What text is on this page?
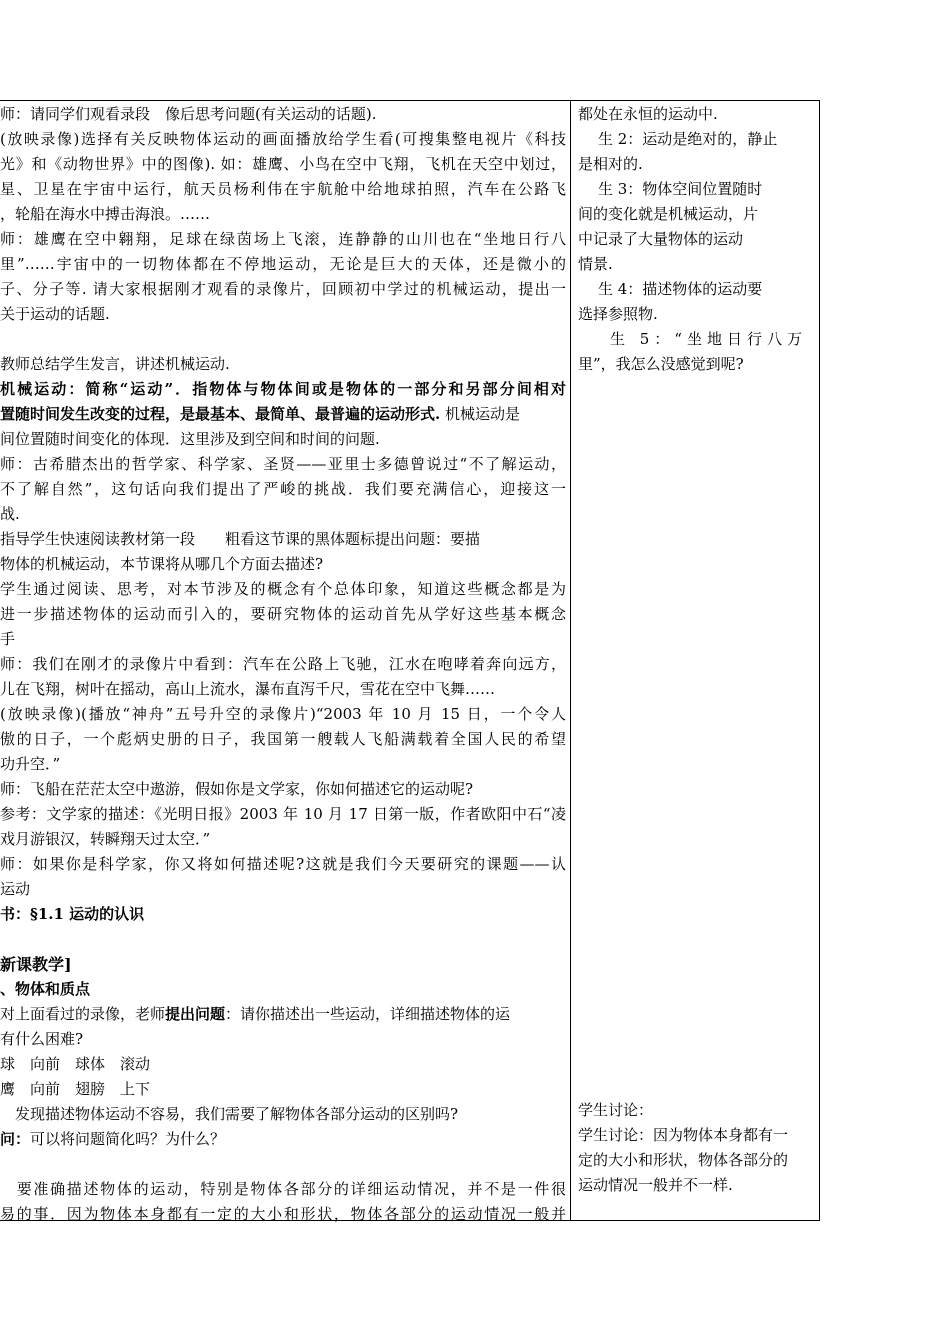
师：请同学们观看录段　像后思考问题(有关运动的话题).
(放映录像)选择有关反映物体运动的画面播放给学生看(可搜集整电视片《科技
光》和《动物世界》中的图像). 如：雄鹰、小鸟在空中飞翔，飞机在天空中划过，
星、卫星在宇宙中运行，航天员杨利伟在宇航舱中给地球拍照，汽车在公路飞
，轮船在海水中搏击海浪。……
师：雄鹰在空中翱翔，足球在绿茵场上飞滚，连静静的山川也在“坐地日行八
里”……宇宙中的一切物体都在不停地运动，无论是巨大的天体，还是微小的
子、分子等. 请大家根据刚才观看的录像片，回顾初中学过的机械运动，提出一
关于运动的话题.

教师总结学生发言，讲述机械运动.
机械运动：简称“运动”．指物体与物体间或是物体的一部分和另部分间相对
置随时间发生改变的过程，是最基本、最简单、最普遍的运动形式. 机械运动是
间位置随时间变化的体现．这里涉及到空间和时间的问题.
师：古希腊杰出的哲学家、科学家、圣贤——亚里士多德曾说过“不了解运动，
不了解自然”，这句话向我们提出了严峻的挑战．我们要充满信心，迎接这一
战.
指导学生快速阅读教材第一段　　粗看这节课的黑体题标提出问题：要描
物体的机械运动，本节课将从哪几个方面去描述?
学生通过阅读、思考，对本节涉及的概念有个总体印象，知道这些概念都是为
进一步描述物体的运动而引入的，要研究物体的运动首先从学好这些基本概念
手
师：我们在刚才的录像片中看到：汽车在公路上飞驰，江水在咆哮着奔向远方，
儿在飞翔，树叶在摇动，高山上流水，瀑布直泻千尺，雪花在空中飞舞……
(放映录像)(播放“神舟”五号升空的录像片)“2003 年 10 月 15 日，一个令人
傲的日子，一个彪炳史册的日子，我国第一艘载人飞船满载着全国人民的希望
功升空．”
师：飞船在茫茫太空中遨游，假如你是文学家，你如何描述它的运动呢?
参考：文学家的描述：《光明日报》2003 年 10 月 17 日第一版，作者欧阳中石“凌
戏月游银汉，转瞬翔天过太空．”
师：如果你是科学家，你又将如何描述呢?这就是我们今天要研究的课题——认
运动
书：§1.1 运动的认识

新课教学]
、物体和质点
对上面看过的录像，老师提出问题：请你描述出一些运动，详细描述物体的运
有什么困难?
球　向前　球体　滚动
鹰　向前　翅膀　上下
　发现描述物体运动不容易，我们需要了解物体各部分运动的区别吗?
问：可以将问题简化吗？为什么？

　要准确描述物体的运动，特别是物体各部分的详细运动情况，并不是一件很
易的事．因为物体本身都有一定的大小和形状，物体各部分的运动情况一般并
都处在永恒的运动中.
生 2：运动是绝对的，静止
是相对的.
生 3：物体空间位置随时
间的变化就是机械运动，片
中记录了大量物体的运动
情景.
生 4：描述物体的运动要
选择参照物.
生 5：“坐地日行八万
里”，我怎么没感觉到呢?
学生讨论：
学生讨论：因为物体本身都有一
定的大小和形状，物体各部分的
运动情况一般并不一样.
